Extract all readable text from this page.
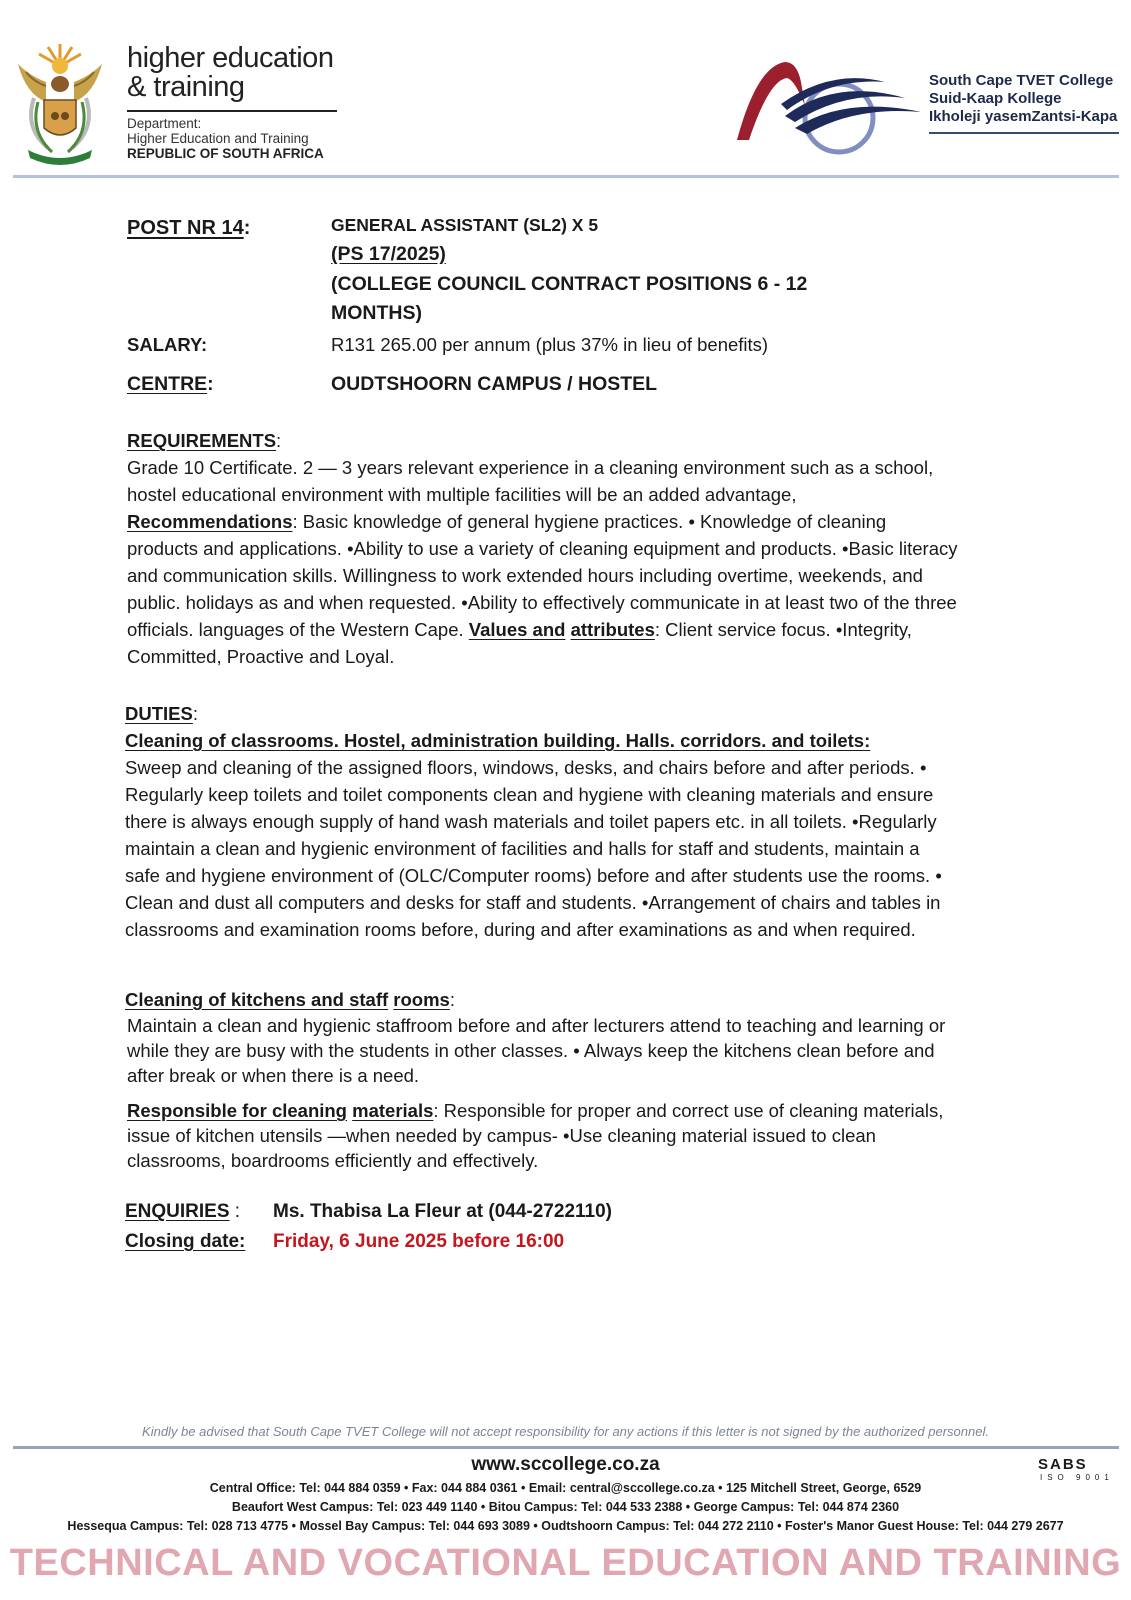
higher education
& training
Department:
Higher Education and Training
REPUBLIC OF SOUTH AFRICA
South Cape TVET College
Suid-Kaap Kollege
Ikholeji yasemZantsi-Kapa
POST NR 14:	GENERAL ASSISTANT (SL2) X 5
(PS 17/2025)
(COLLEGE COUNCIL CONTRACT POSITIONS 6 - 12
MONTHS)
SALARY:	R131 265.00 per annum (plus 37% in lieu of benefits)
CENTRE:	OUDTSHOORN CAMPUS / HOSTEL
REQUIREMENTS:
Grade 10 Certificate. 2 — 3 years relevant experience in a cleaning environment such as a school, hostel educational environment with multiple facilities will be an added advantage, Recommendations: Basic knowledge of general hygiene practices. • Knowledge of cleaning products and applications. •Ability to use a variety of cleaning equipment and products. •Basic literacy and communication skills. Willingness to work extended hours including overtime, weekends, and public. holidays as and when requested. •Ability to effectively communicate in at least two of the three officials. languages of the Western Cape. Values and attributes: Client service focus. •Integrity, Committed, Proactive and Loyal.
DUTIES:
Cleaning of classrooms. Hostel, administration building. Halls. corridors. and toilets:
Sweep and cleaning of the assigned floors, windows, desks, and chairs before and after periods. • Regularly keep toilets and toilet components clean and hygiene with cleaning materials and ensure there is always enough supply of hand wash materials and toilet papers etc. in all toilets. •Regularly maintain a clean and hygienic environment of facilities and halls for staff and students, maintain a safe and hygiene environment of (OLC/Computer rooms) before and after students use the rooms. • Clean and dust all computers and desks for staff and students. •Arrangement of chairs and tables in classrooms and examination rooms before, during and after examinations as and when required.
Cleaning of kitchens and staff rooms:
Maintain a clean and hygienic staffroom before and after lecturers attend to teaching and learning or while they are busy with the students in other classes. • Always keep the kitchens clean before and after break or when there is a need.
Responsible for cleaning materials: Responsible for proper and correct use of cleaning materials, issue of kitchen utensils —when needed by campus- •Use cleaning material issued to clean classrooms, boardrooms efficiently and effectively.
ENQUIRIES : Ms. Thabisa La Fleur at (044-2722110)
Closing date: Friday, 6 June 2025 before 16:00
Kindly be advised that South Cape TVET College will not accept responsibility for any actions if this letter is not signed by the authorized personnel.
www.sccollege.co.za	SABS
ISO 9001
Central Office: Tel: 044 884 0359 • Fax: 044 884 0361 • Email: central@sccollege.co.za • 125 Mitchell Street, George, 6529
Beaufort West Campus: Tel: 023 449 1140 • Bitou Campus: Tel: 044 533 2388 • George Campus: Tel: 044 874 2360
Hessequa Campus: Tel: 028 713 4775 • Mossel Bay Campus: Tel: 044 693 3089 • Oudtshoorn Campus: Tel: 044 272 2110 • Foster's Manor Guest House: Tel: 044 279 2677
TECHNICAL AND VOCATIONAL EDUCATION AND TRAINING
